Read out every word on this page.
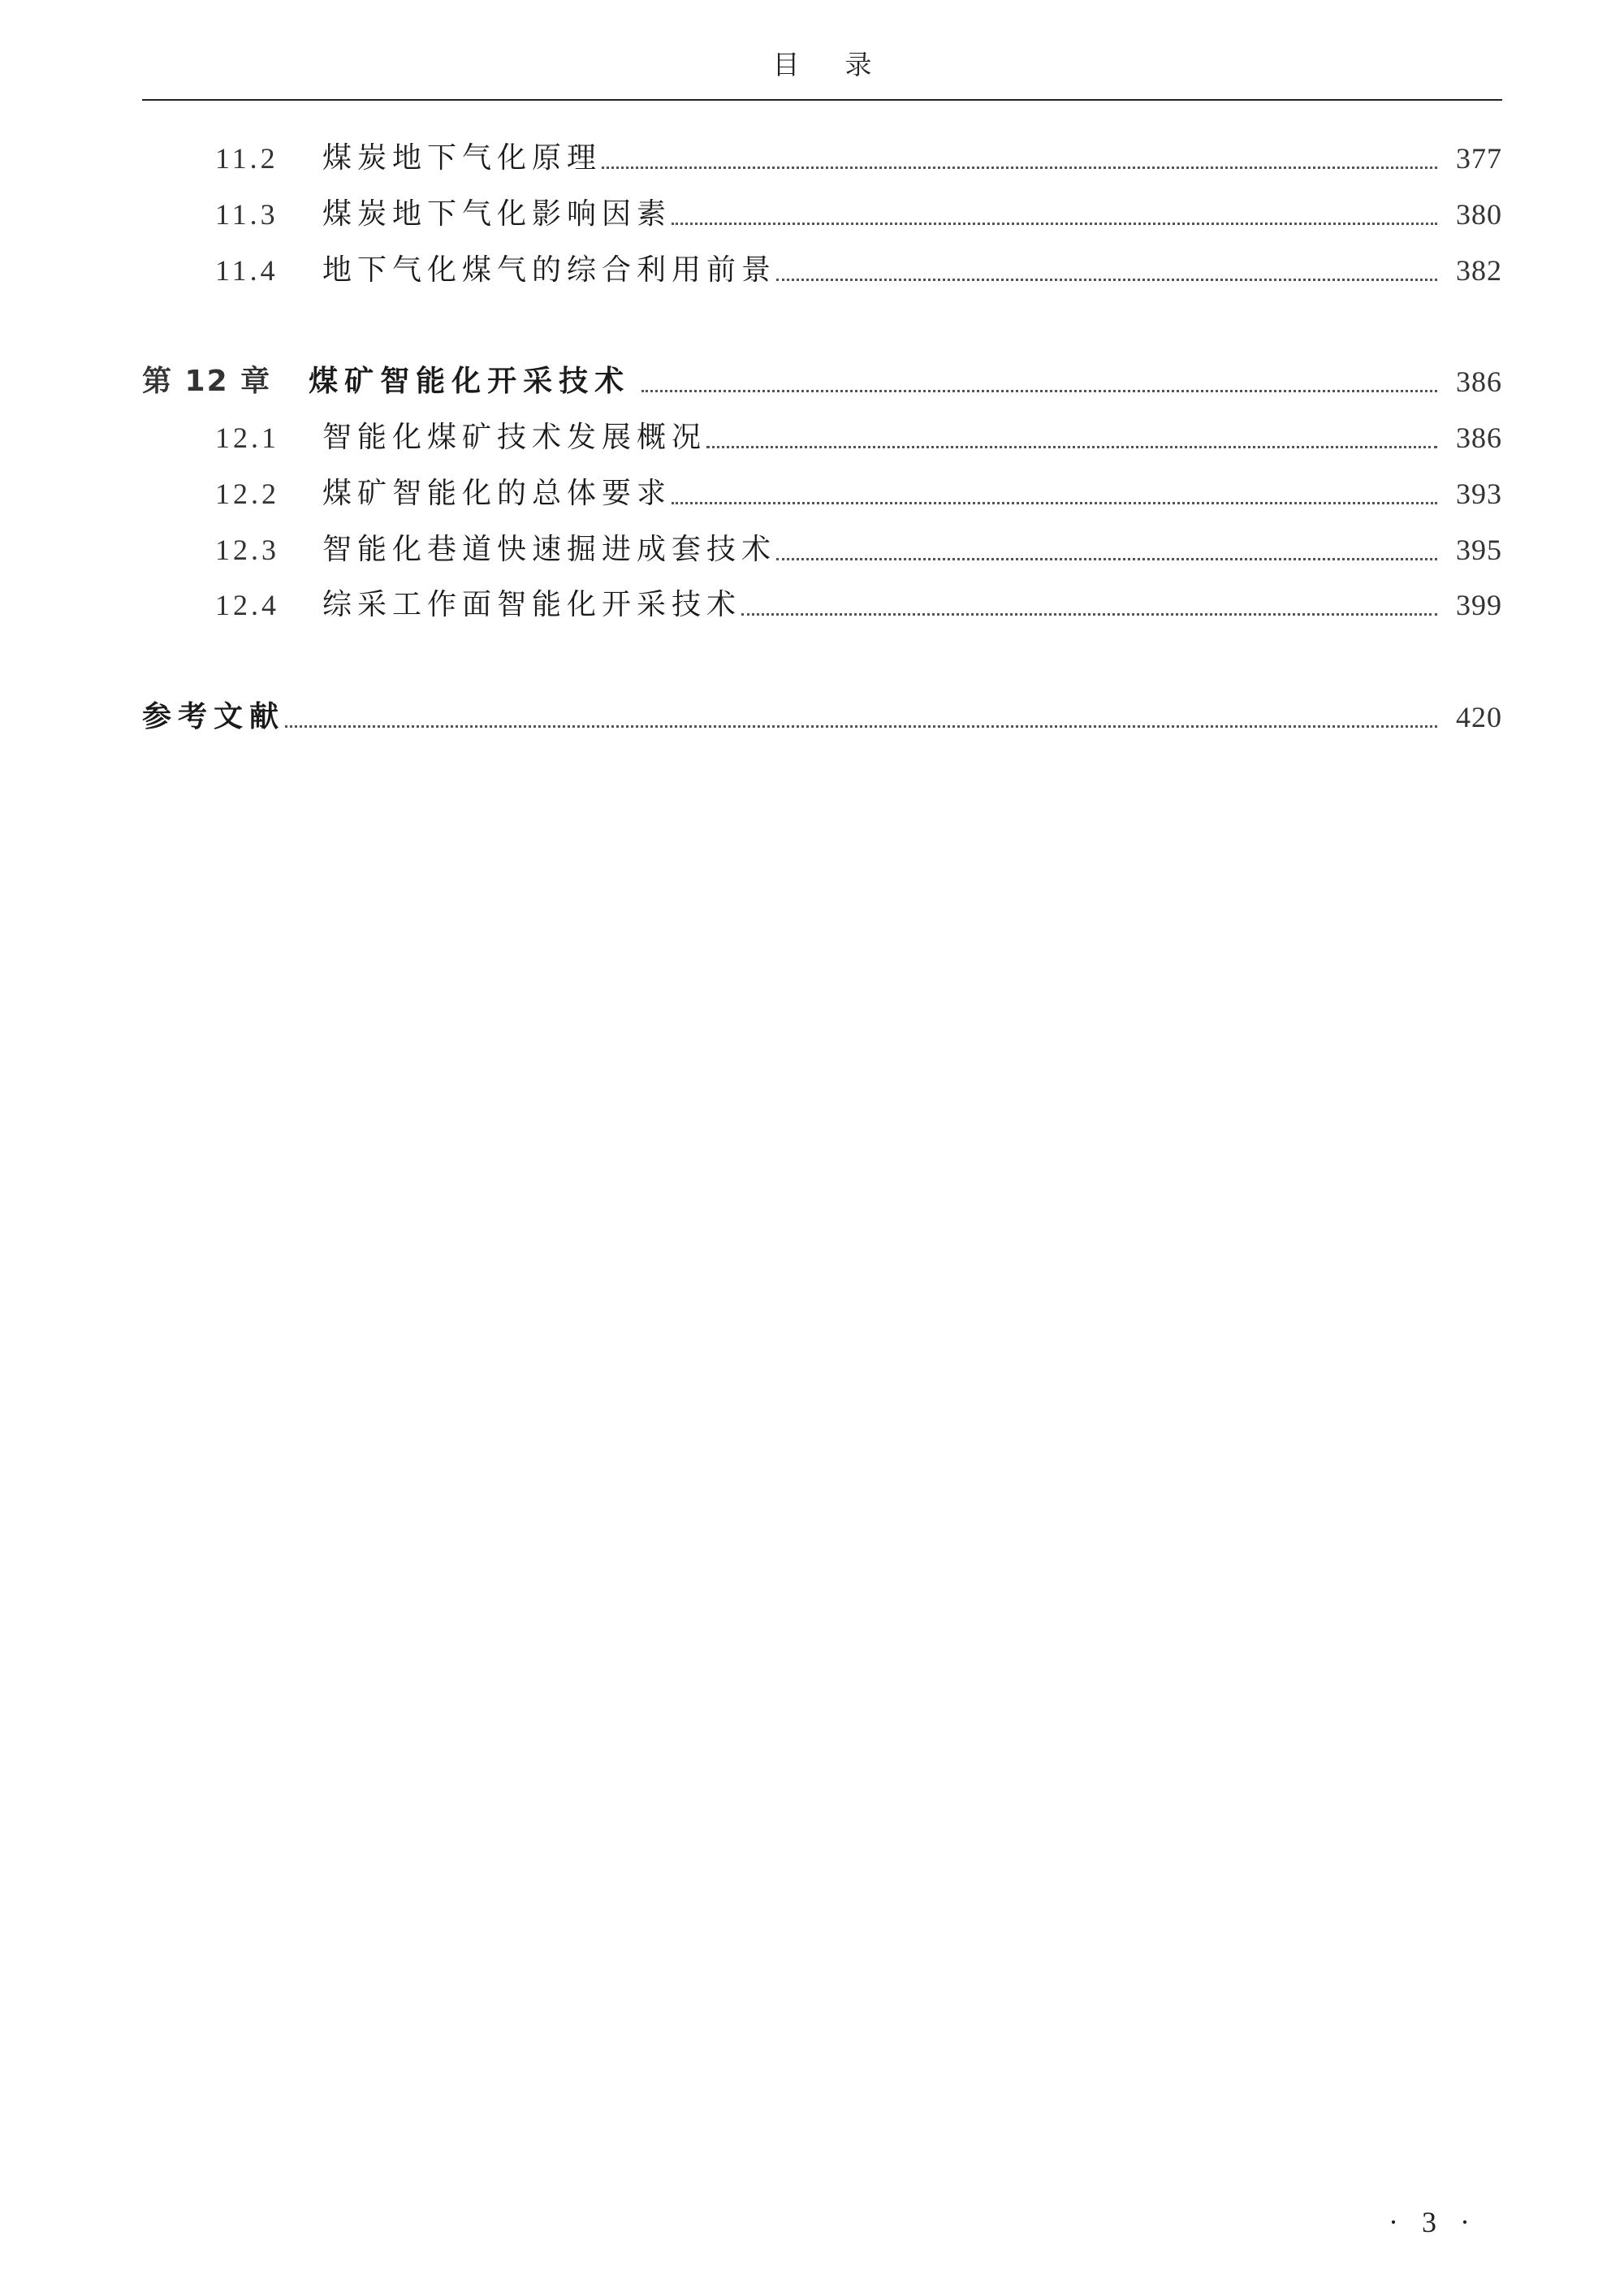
目录
11.2	煤炭地下气化原理	377
11.3	煤炭地下气化影响因素	380
11.4	地下气化煤气的综合利用前景	382
第 12 章 煤矿智能化开采技术	386
12.1	智能化煤矿技术发展概况	386
12.2	煤矿智能化的总体要求	393
12.3	智能化巷道快速掘进成套技术	395
12.4	综采工作面智能化开采技术	399
参考文献	420
· 3 ·
